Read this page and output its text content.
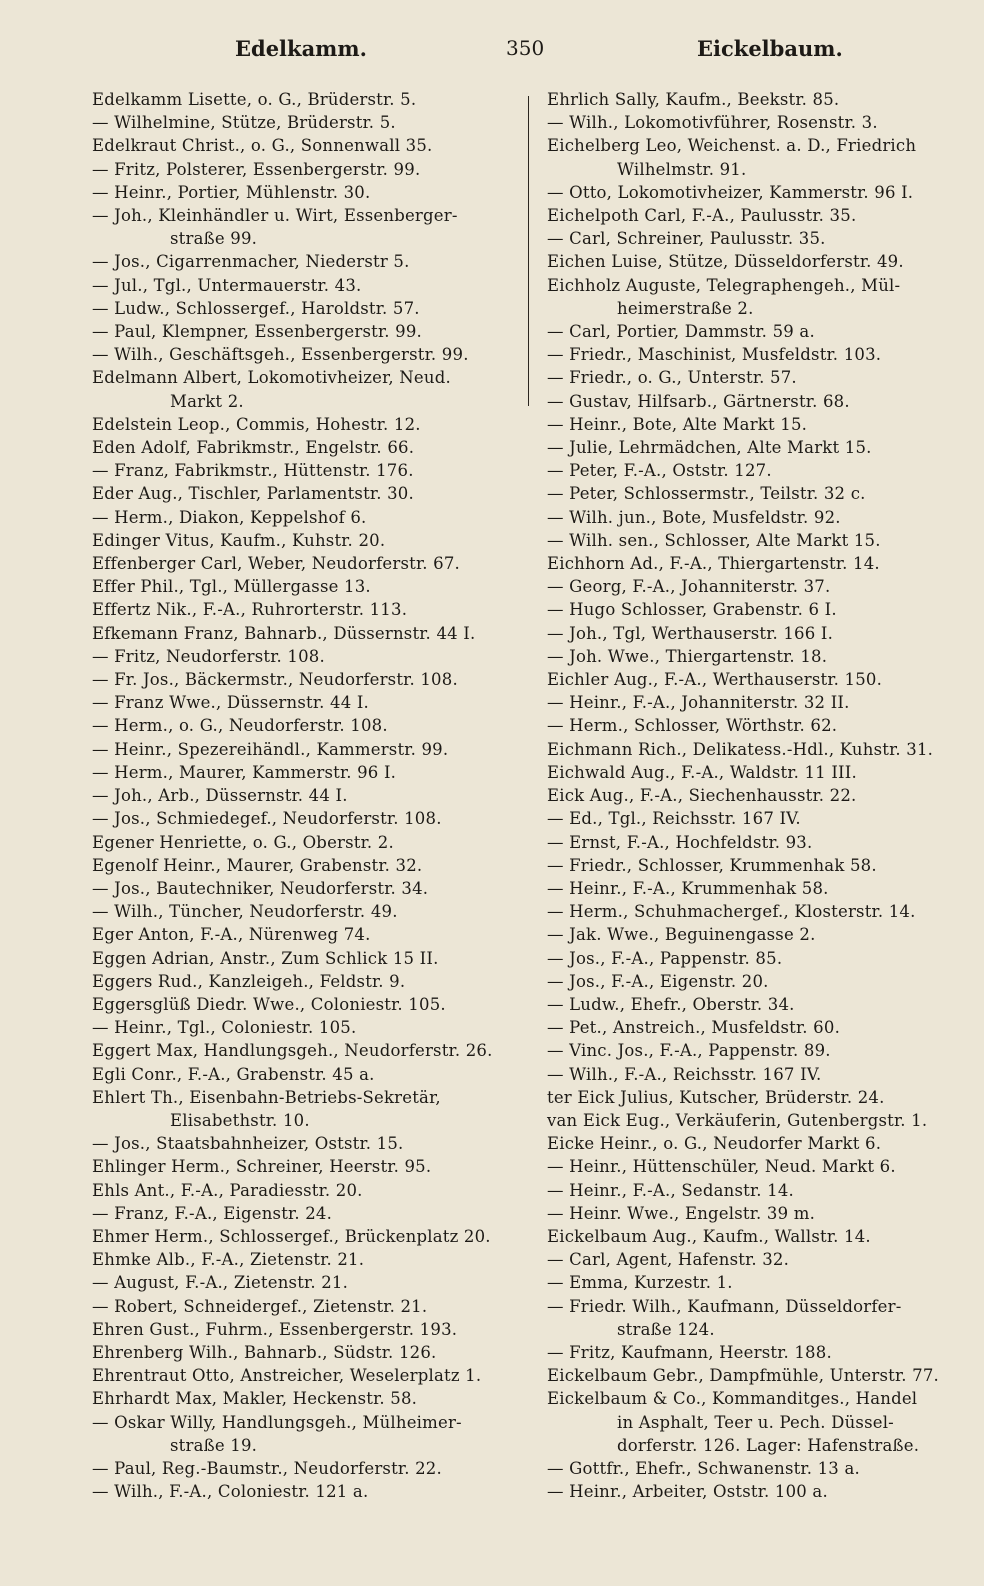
Edelkamm.	350	Eickelbaum.
Edelkamm Lisette, o. G., Brüderstr. 5.
— Wilhelmine, Stütze, Brüderstr. 5.
Edelkraut Christ., o. G., Sonnenwall 35.
— Fritz, Polsterer, Essenbergerstr. 99.
— Heinr., Portier, Mühlenstr. 30.
— Joh., Kleinhändler u. Wirt, Essenberger-
straße 99.
— Jos., Cigarrenmacher, Niederstr 5.
— Jul., Tgl., Untermauerstr. 43.
— Ludw., Schlossergef., Haroldstr. 57.
— Paul, Klempner, Essenbergerstr. 99.
— Wilh., Geschäftsgeh., Essenbergerstr. 99.
Edelmann Albert, Lokomotivheizer, Neud.
Markt 2.
Edelstein Leop., Commis, Hohestr. 12.
Eden Adolf, Fabrikmstr., Engelstr. 66.
— Franz, Fabrikmstr., Hüttenstr. 176.
Eder Aug., Tischler, Parlamentstr. 30.
— Herm., Diakon, Keppelshof 6.
Edinger Vitus, Kaufm., Kuhstr. 20.
Effenberger Carl, Weber, Neudorferstr. 67.
Effer Phil., Tgl., Müllergasse 13.
Effertz Nik., F.-A., Ruhrorterstr. 113.
Efkemann Franz, Bahnarb., Düssernstr. 44 I.
— Fritz, Neudorferstr. 108.
— Fr. Jos., Bäckermstr., Neudorferstr. 108.
— Franz Wwe., Düssernstr. 44 I.
— Herm., o. G., Neudorferstr. 108.
— Heinr., Spezereihändl., Kammerstr. 99.
— Herm., Maurer, Kammerstr. 96 I.
— Joh., Arb., Düssernstr. 44 I.
— Jos., Schmiedegef., Neudorferstr. 108.
Egener Henriette, o. G., Oberstr. 2.
Egenolf Heinr., Maurer, Grabenstr. 32.
— Jos., Bautechniker, Neudorferstr. 34.
— Wilh., Tüncher, Neudorferstr. 49.
Eger Anton, F.-A., Nürenweg 74.
Eggen Adrian, Anstr., Zum Schlick 15 II.
Eggers Rud., Kanzleigeh., Feldstr. 9.
Eggersglüß Diedr. Wwe., Coloniestr. 105.
— Heinr., Tgl., Coloniestr. 105.
Eggert Max, Handlungsgeh., Neudorferstr. 26.
Egli Conr., F.-A., Grabenstr. 45 a.
Ehlert Th., Eisenbahn-Betriebs-Sekretär,
Elisabethstr. 10.
— Jos., Staatsbahnheizer, Oststr. 15.
Ehlinger Herm., Schreiner, Heerstr. 95.
Ehls Ant., F.-A., Paradiesstr. 20.
— Franz, F.-A., Eigenstr. 24.
Ehmer Herm., Schlossergef., Brückenplatz 20.
Ehmke Alb., F.-A., Zietenstr. 21.
— August, F.-A., Zietenstr. 21.
— Robert, Schneidergef., Zietenstr. 21.
Ehren Gust., Fuhrm., Essenbergerstr. 193.
Ehrenberg Wilh., Bahnarb., Südstr. 126.
Ehrentraut Otto, Anstreicher, Weselerplatz 1.
Ehrhardt Max, Makler, Heckenstr. 58.
— Oskar Willy, Handlungsgeh., Mülheimer-
straße 19.
— Paul, Reg.-Baumstr., Neudorferstr. 22.
— Wilh., F.-A., Coloniestr. 121 a.
Ehrlich Sally, Kaufm., Beekstr. 85.
— Wilh., Lokomotivführer, Rosenstr. 3.
Eichelberg Leo, Weichenst. a. D., Friedrich
Wilhelmstr. 91.
— Otto, Lokomotivheizer, Kammerstr. 96 I.
Eichelpoth Carl, F.-A., Paulusstr. 35.
— Carl, Schreiner, Paulusstr. 35.
Eichen Luise, Stütze, Düsseldorferstr. 49.
Eichholz Auguste, Telegraphengeh., Mül-
heimerstraße 2.
— Carl, Portier, Dammstr. 59 a.
— Friedr., Maschinist, Musfeldstr. 103.
— Friedr., o. G., Unterstr. 57.
— Gustav, Hilfsarb., Gärtnerstr. 68.
— Heinr., Bote, Alte Markt 15.
— Julie, Lehrmädchen, Alte Markt 15.
— Peter, F.-A., Oststr. 127.
— Peter, Schlossermstr., Teilstr. 32 c.
— Wilh. jun., Bote, Musfeldstr. 92.
— Wilh. sen., Schlosser, Alte Markt 15.
Eichhorn Ad., F.-A., Thiergartenstr. 14.
— Georg, F.-A., Johanniterstr. 37.
— Hugo Schlosser, Grabenstr. 6 I.
— Joh., Tgl, Werthauserstr. 166 I.
— Joh. Wwe., Thiergartenstr. 18.
Eichler Aug., F.-A., Werthauserstr. 150.
— Heinr., F.-A., Johanniterstr. 32 II.
— Herm., Schlosser, Wörthstr. 62.
Eichmann Rich., Delikatess.-Hdl., Kuhstr. 31.
Eichwald Aug., F.-A., Waldstr. 11 III.
Eick Aug., F.-A., Siechenhausstr. 22.
— Ed., Tgl., Reichsstr. 167 IV.
— Ernst, F.-A., Hochfeldstr. 93.
— Friedr., Schlosser, Krummenhak 58.
— Heinr., F.-A., Krummenhak 58.
— Herm., Schuhmachergef., Klosterstr. 14.
— Jak. Wwe., Beguinengasse 2.
— Jos., F.-A., Pappenstr. 85.
— Jos., F.-A., Eigenstr. 20.
— Ludw., Ehefr., Oberstr. 34.
— Pet., Anstreich., Musfeldstr. 60.
— Vinc. Jos., F.-A., Pappenstr. 89.
— Wilh., F.-A., Reichsstr. 167 IV.
ter Eick Julius, Kutscher, Brüderstr. 24.
van Eick Eug., Verkäuferin, Gutenbergstr. 1.
Eicke Heinr., o. G., Neudorfer Markt 6.
— Heinr., Hüttenschüler, Neud. Markt 6.
— Heinr., F.-A., Sedanstr. 14.
— Heinr. Wwe., Engelstr. 39 m.
Eickelbaum Aug., Kaufm., Wallstr. 14.
— Carl, Agent, Hafenstr. 32.
— Emma, Kurzestr. 1.
— Friedr. Wilh., Kaufmann, Düsseldorfer-
straße 124.
— Fritz, Kaufmann, Heerstr. 188.
Eickelbaum Gebr., Dampfmühle, Unterstr. 77.
Eickelbaum & Co., Kommanditges., Handel
in Asphalt, Teer u. Pech. Düssel-
dorferstr. 126. Lager: Hafenstraße.
— Gottfr., Ehefr., Schwanenstr. 13 a.
— Heinr., Arbeiter, Oststr. 100 a.
